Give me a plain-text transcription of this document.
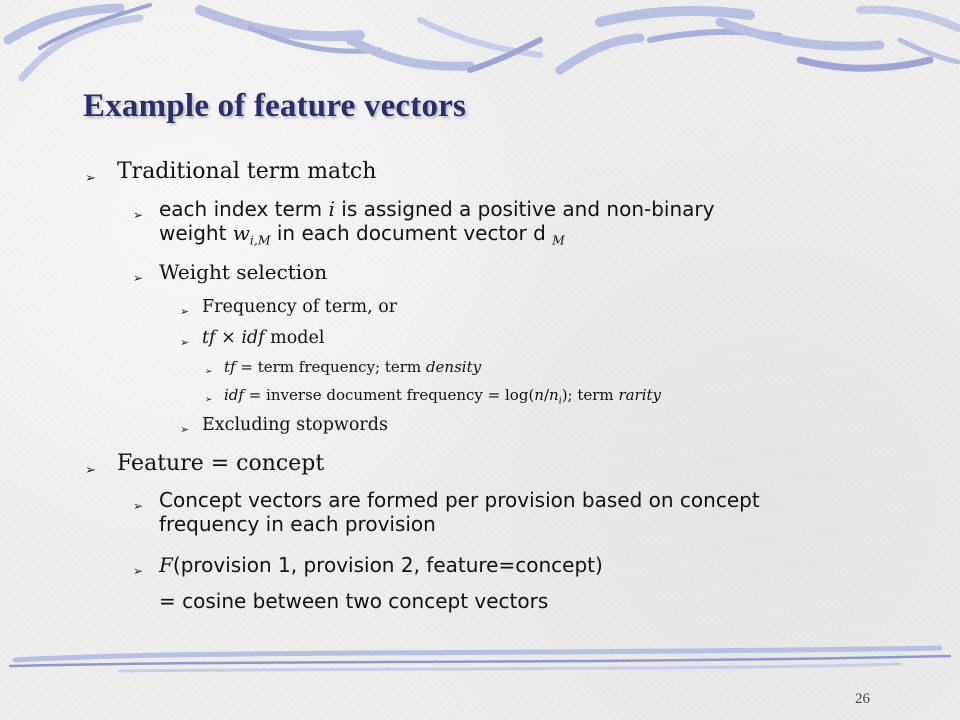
Example of feature vectors
➢ Traditional term match
➢ each index term i is assigned a positive and non-binary
weight $w_{i,M}$ in each document vector d $_M$
➢ Weight selection
➢ Frequency of term, or
➢ tf × idf model
➢ tf = term frequency; term density
➢ idf = inverse document frequency = $\log(n/n_i)$; term rarity
➢ Excluding stopwords
➢ Feature = concept
➢ Concept vectors are formed per provision based on concept
frequency in each provision
➢ F(provision 1, provision 2, feature=concept)
= cosine between two concept vectors
26
